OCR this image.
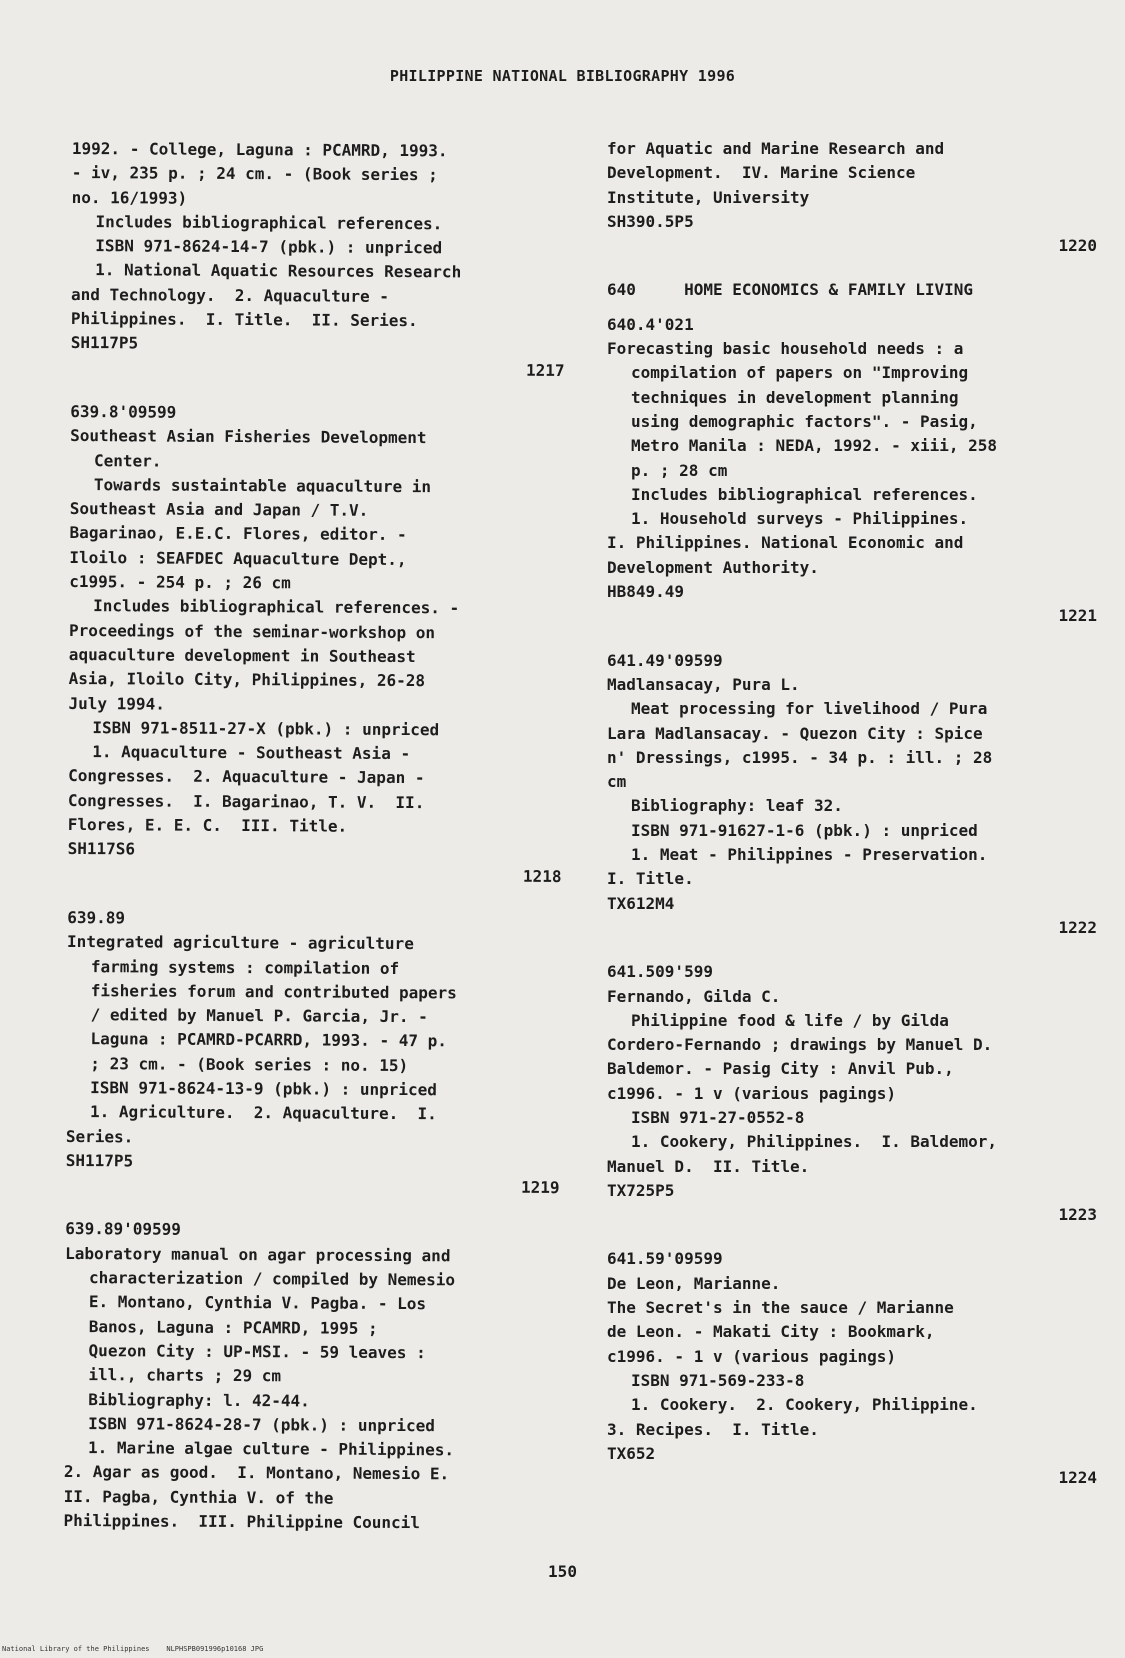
PHILIPPINE NATIONAL BIBLIOGRAPHY 1996
1992. - College, Laguna : PCAMRD, 1993.
- iv, 235 p. ; 24 cm. - (Book series ;
no. 16/1993)
Includes bibliographical references.
ISBN 971-8624-14-7 (pbk.) : unpriced
1. National Aquatic Resources Research
and Technology.  2. Aquaculture -
Philippines.  I. Title.  II. Series.
SH117P5
1217
639.8'09599
Southeast Asian Fisheries Development
Center.
Towards sustaintable aquaculture in
Southeast Asia and Japan / T.V.
Bagarinao, E.E.C. Flores, editor. -
Iloilo : SEAFDEC Aquaculture Dept.,
c1995. - 254 p. ; 26 cm
Includes bibliographical references. -
Proceedings of the seminar-workshop on
aquaculture development in Southeast
Asia, Iloilo City, Philippines, 26-28
July 1994.
ISBN 971-8511-27-X (pbk.) : unpriced
1. Aquaculture - Southeast Asia -
Congresses.  2. Aquaculture - Japan -
Congresses.  I. Bagarinao, T. V.  II.
Flores, E. E. C.  III. Title.
SH117S6
1218
639.89
Integrated agriculture - agriculture
farming systems : compilation of
fisheries forum and contributed papers
/ edited by Manuel P. Garcia, Jr. -
Laguna : PCAMRD-PCARRD, 1993. - 47 p.
; 23 cm. - (Book series : no. 15)
ISBN 971-8624-13-9 (pbk.) : unpriced
1. Agriculture.  2. Aquaculture.  I.
Series.
SH117P5
1219
639.89'09599
Laboratory manual on agar processing and
characterization / compiled by Nemesio
E. Montano, Cynthia V. Pagba. - Los
Banos, Laguna : PCAMRD, 1995 ;
Quezon City : UP-MSI. - 59 leaves :
ill., charts ; 29 cm
Bibliography: l. 42-44.
ISBN 971-8624-28-7 (pbk.) : unpriced
1. Marine algae culture - Philippines.
2. Agar as good.  I. Montano, Nemesio E.
II. Pagba, Cynthia V. of the
Philippines.  III. Philippine Council
for Aquatic and Marine Research and
Development.  IV. Marine Science
Institute, University
SH390.5P5
1220
640     HOME ECONOMICS & FAMILY LIVING
640.4'021
Forecasting basic household needs : a
compilation of papers on "Improving
techniques in development planning
using demographic factors". - Pasig,
Metro Manila : NEDA, 1992. - xiii, 258
p. ; 28 cm
Includes bibliographical references.
1. Household surveys - Philippines.
I. Philippines. National Economic and
Development Authority.
HB849.49
1221
641.49'09599
Madlansacay, Pura L.
Meat processing for livelihood / Pura
Lara Madlansacay. - Quezon City : Spice
n' Dressings, c1995. - 34 p. : ill. ; 28
cm
Bibliography: leaf 32.
ISBN 971-91627-1-6 (pbk.) : unpriced
1. Meat - Philippines - Preservation.
I. Title.
TX612M4
1222
641.509'599
Fernando, Gilda C.
Philippine food & life / by Gilda
Cordero-Fernando ; drawings by Manuel D.
Baldemor. - Pasig City : Anvil Pub.,
c1996. - 1 v (various pagings)
ISBN 971-27-0552-8
1. Cookery, Philippines.  I. Baldemor,
Manuel D.  II. Title.
TX725P5
1223
641.59'09599
De Leon, Marianne.
The Secret's in the sauce / Marianne
de Leon. - Makati City : Bookmark,
c1996. - 1 v (various pagings)
ISBN 971-569-233-8
1. Cookery.  2. Cookery, Philippine.
3. Recipes.  I. Title.
TX652
1224
150
National Library of the Philippines    NLPHSPB091996p10168 JPG
